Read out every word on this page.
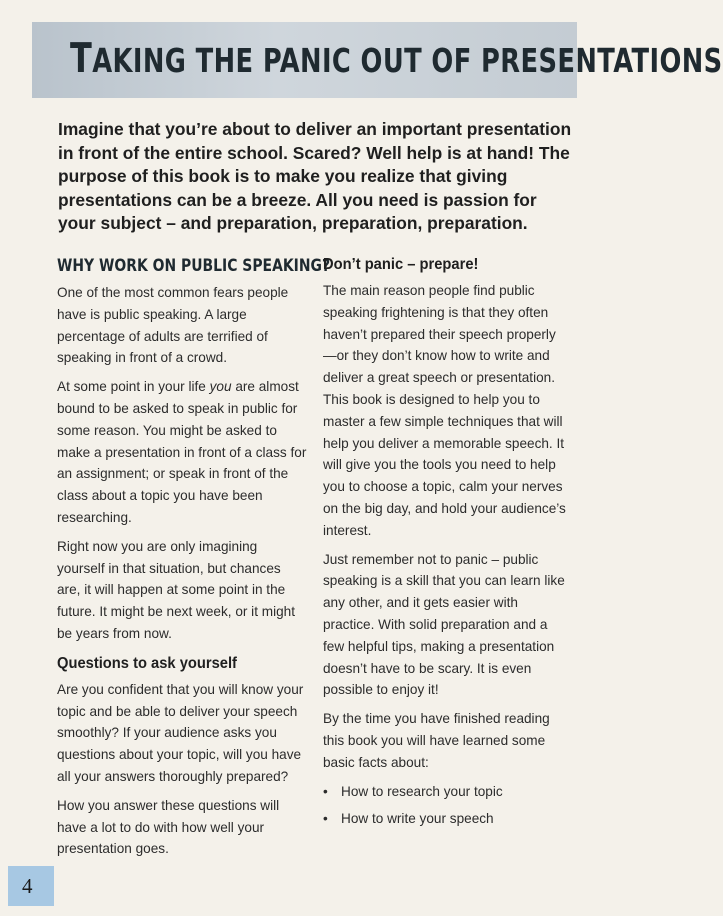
TAKING THE PANIC OUT OF PRESENTATIONS

Imagine that you’re about to deliver an important presentation in front of the entire school. Scared? Well help is at hand! The purpose of this book is to make you realize that giving presentations can be a breeze. All you need is passion for your subject – and preparation, preparation, preparation.

WHY WORK ON PUBLIC SPEAKING?

One of the most common fears people have is public speaking. A large percentage of adults are terrified of speaking in front of a crowd.

At some point in your life you are almost bound to be asked to speak in public for some reason. You might be asked to make a presentation in front of a class for an assignment; or speak in front of the class about a topic you have been researching.

Right now you are only imagining yourself in that situation, but chances are, it will happen at some point in the future. It might be next week, or it might be years from now.

Questions to ask yourself

Are you confident that you will know your topic and be able to deliver your speech smoothly? If your audience asks you questions about your topic, will you have all your answers thoroughly prepared?

How you answer these questions will have a lot to do with how well your presentation goes.

Don’t panic – prepare!

The main reason people find public speaking frightening is that they often haven’t prepared their speech properly—or they don’t know how to write and deliver a great speech or presentation. This book is designed to help you to master a few simple techniques that will help you deliver a memorable speech. It will give you the tools you need to help you to choose a topic, calm your nerves on the big day, and hold your audience’s interest.

Just remember not to panic – public speaking is a skill that you can learn like any other, and it gets easier with practice. With solid preparation and a few helpful tips, making a presentation doesn’t have to be scary. It is even possible to enjoy it!

By the time you have finished reading this book you will have learned some basic facts about:

• How to research your topic
• How to write your speech
4
